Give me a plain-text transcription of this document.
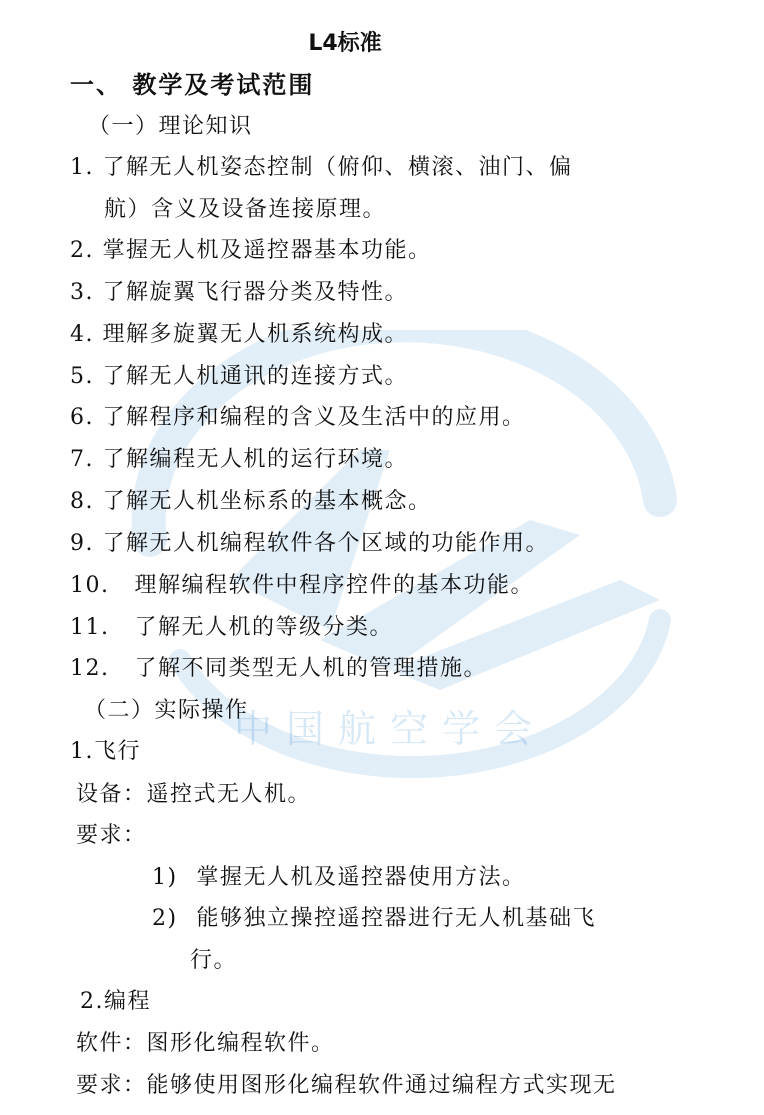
中国航空学会
L4标准
一、 教学及考试范围
（一）理论知识
1. 了解无人机姿态控制（俯仰、横滚、油门、偏
航）含义及设备连接原理。
2. 掌握无人机及遥控器基本功能。
3. 了解旋翼飞行器分类及特性。
4. 理解多旋翼无人机系统构成。
5. 了解无人机通讯的连接方式。
6. 了解程序和编程的含义及生活中的应用。
7. 了解编程无人机的运行环境。
8. 了解无人机坐标系的基本概念。
9. 了解无人机编程软件各个区域的功能作用。
10. 理解编程软件中程序控件的基本功能。
11. 了解无人机的等级分类。
12. 了解不同类型无人机的管理措施。
（二）实际操作
1.飞行
设备：遥控式无人机。
要求：
1) 掌握无人机及遥控器使用方法。
2) 能够独立操控遥控器进行无人机基础飞
行。
2.编程
软件：图形化编程软件。
要求：能够使用图形化编程软件通过编程方式实现无
